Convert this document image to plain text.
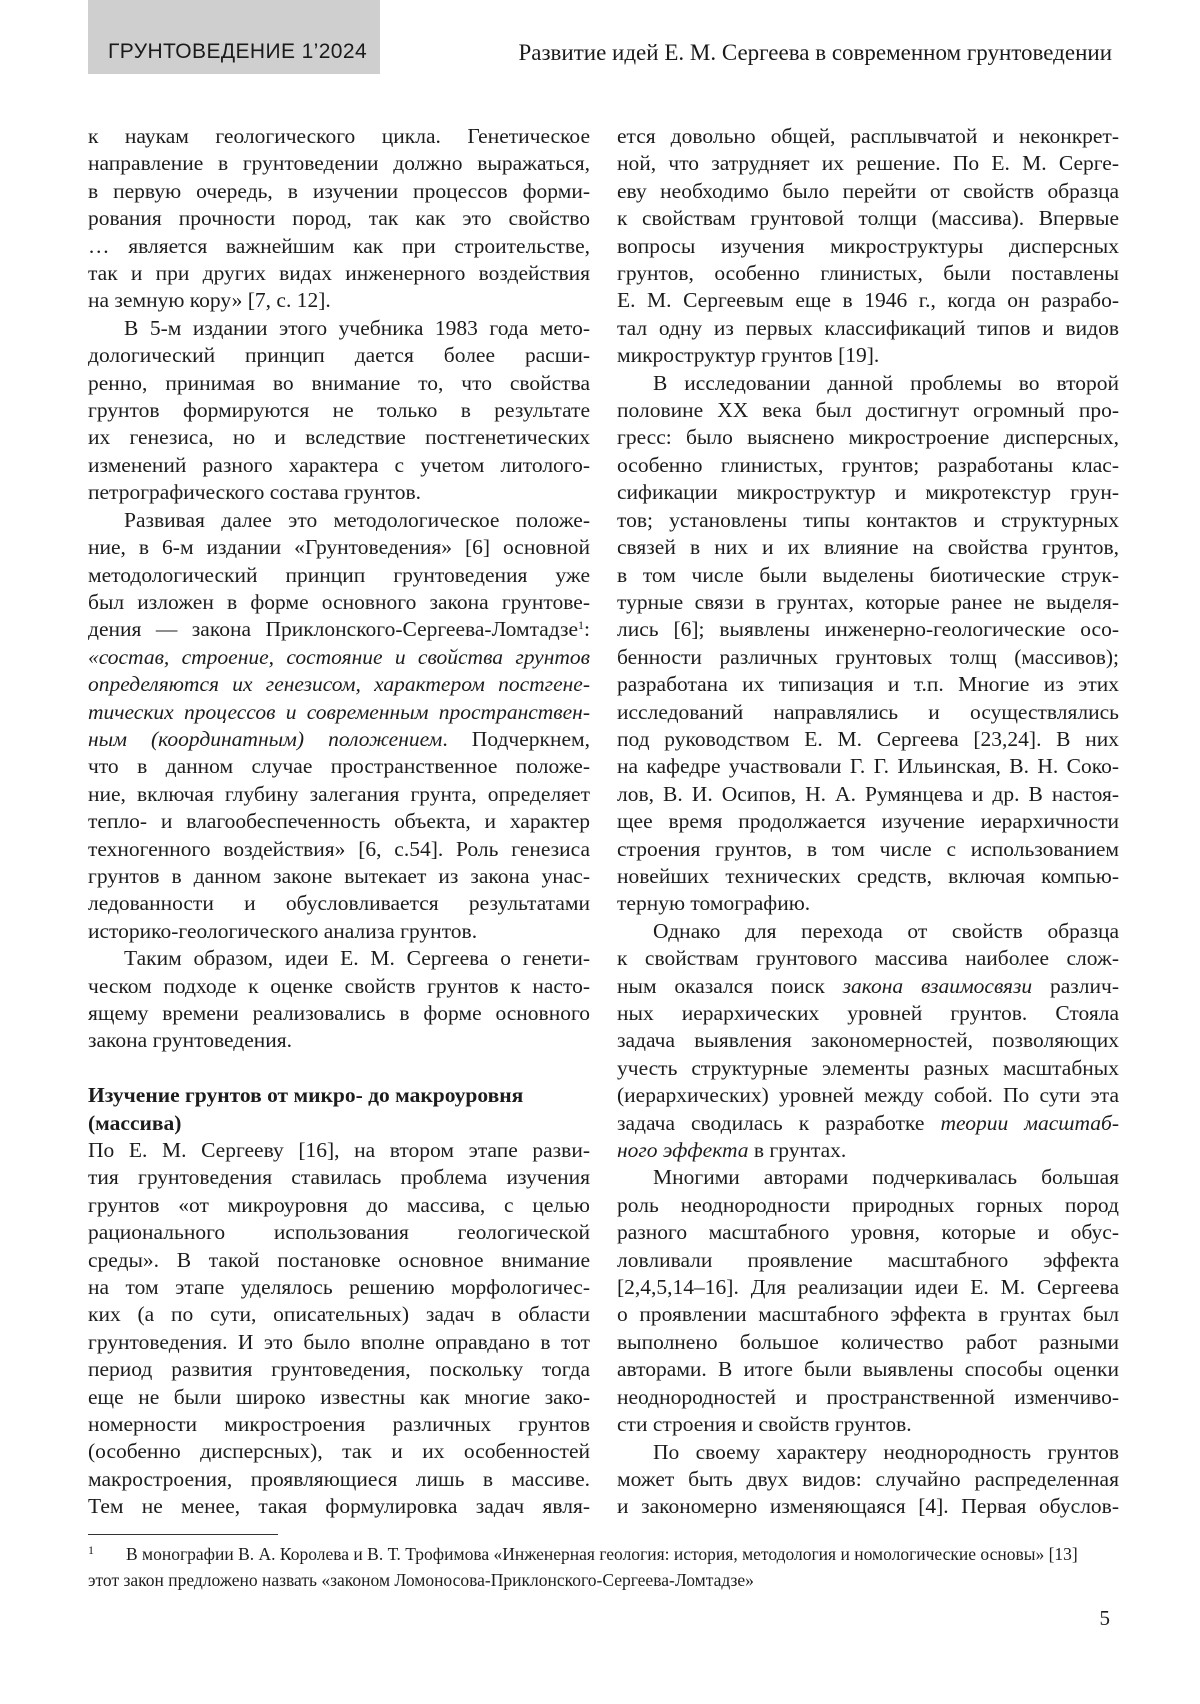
ГРУНТОВЕДЕНИЕ 1’2024	Развитие идей Е. М. Сергеева в современном грунтоведении
к наукам геологического цикла. Генетическое
направление в грунтоведении должно выражаться,
в первую очередь, в изучении процессов форми-
рования прочности пород, так как это свойство
… является важнейшим как при строительстве,
так и при других видах инженерного воздействия
на земную кору» [7, с. 12].
В 5-м издании этого учебника 1983 года мето-
дологический принцип дается более расши-
ренно, принимая во внимание то, что свойства
грунтов формируются не только в результате
их генезиса, но и вследствие постгенетических
изменений разного характера с учетом литолого-
петрографического состава грунтов.
Развивая далее это методологическое положе-
ние, в 6-м издании «Грунтоведения» [6] основной
методологический принцип грунтоведения уже
был изложен в форме основного закона грунтове-
дения — закона Приклонского-Сергеева-Ломтадзе$^1$:
«состав, строение, состояние и свойства грунтов
определяются их генезисом, характером постгене-
тических процессов и современным пространствен-
ным (координатным) положением. Подчеркнем,
что в данном случае пространственное положе-
ние, включая глубину залегания грунта, определяет
тепло- и влагообеспеченность объекта, и характер
техногенного воздействия» [6, с.54]. Роль генезиса
грунтов в данном законе вытекает из закона унас-
ледованности и обусловливается результатами
историко-геологического анализа грунтов.
Таким образом, идеи Е. М. Сергеева о генети-
ческом подходе к оценке свойств грунтов к насто-
ящему времени реализовались в форме основного
закона грунтоведения.
Изучение грунтов от микро- до макроуровня
(массива)
По Е. М. Сергееву [16], на втором этапе разви-
тия грунтоведения ставилась проблема изучения
грунтов «от микроуровня до массива, с целью
рационального использования геологической
среды». В такой постановке основное внимание
на том этапе уделялось решению морфологичес-
ких (а по сути, описательных) задач в области
грунтоведения. И это было вполне оправдано в тот
период развития грунтоведения, поскольку тогда
еще не были широко известны как многие зако-
номерности микростроения различных грунтов
(особенно дисперсных), так и их особенностей
макростроения, проявляющиеся лишь в массиве.
Тем не менее, такая формулировка задач явля-
ется довольно общей, расплывчатой и неконкрет-
ной, что затрудняет их решение. По Е. М. Серге-
еву необходимо было перейти от свойств образца
к свойствам грунтовой толщи (массива). Впервые
вопросы изучения микроструктуры дисперсных
грунтов, особенно глинистых, были поставлены
Е. М. Сергеевым еще в 1946 г., когда он разрабо-
тал одну из первых классификаций типов и видов
микроструктур грунтов [19].
В исследовании данной проблемы во второй
половине XX века был достигнут огромный про-
гресс: было выяснено микростроение дисперсных,
особенно глинистых, грунтов; разработаны клас-
сификации микроструктур и микротекстур грун-
тов; установлены типы контактов и структурных
связей в них и их влияние на свойства грунтов,
в том числе были выделены биотические струк-
турные связи в грунтах, которые ранее не выделя-
лись [6]; выявлены инженерно-геологические осо-
бенности различных грунтовых толщ (массивов);
разработана их типизация и т.п. Многие из этих
исследований направлялись и осуществлялись
под руководством Е. М. Сергеева [23,24]. В них
на кафедре участвовали Г. Г. Ильинская, В. Н. Соко-
лов, В. И. Осипов, Н. А. Румянцева и др. В настоя-
щее время продолжается изучение иерархичности
строения грунтов, в том числе с использованием
новейших технических средств, включая компью-
терную томографию.
Однако для перехода от свойств образца
к свойствам грунтового массива наиболее слож-
ным оказался поиск закона взаимосвязи различ-
ных иерархических уровней грунтов. Стояла
задача выявления закономерностей, позволяющих
учесть структурные элементы разных масштабных
(иерархических) уровней между собой. По сути эта
задача сводилась к разработке теории масштаб-
ного эффекта в грунтах.
Многими авторами подчеркивалась большая
роль неоднородности природных горных пород
разного масштабного уровня, которые и обус-
ловливали проявление масштабного эффекта
[2,4,5,14–16]. Для реализации идеи Е. М. Сергеева
о проявлении масштабного эффекта в грунтах был
выполнено большое количество работ разными
авторами. В итоге были выявлены способы оценки
неоднородностей и пространственной изменчиво-
сти строения и свойств грунтов.
По своему характеру неоднородность грунтов
может быть двух видов: случайно распределенная
и закономерно изменяющаяся [4]. Первая обуслов-
1 В монографии В. А. Королева и В. Т. Трофимова «Инженерная геология: история, методология и номологические основы» [13]
этот закон предложено назвать «законом Ломоносова-Приклонского-Сергеева-Ломтадзе»
5
